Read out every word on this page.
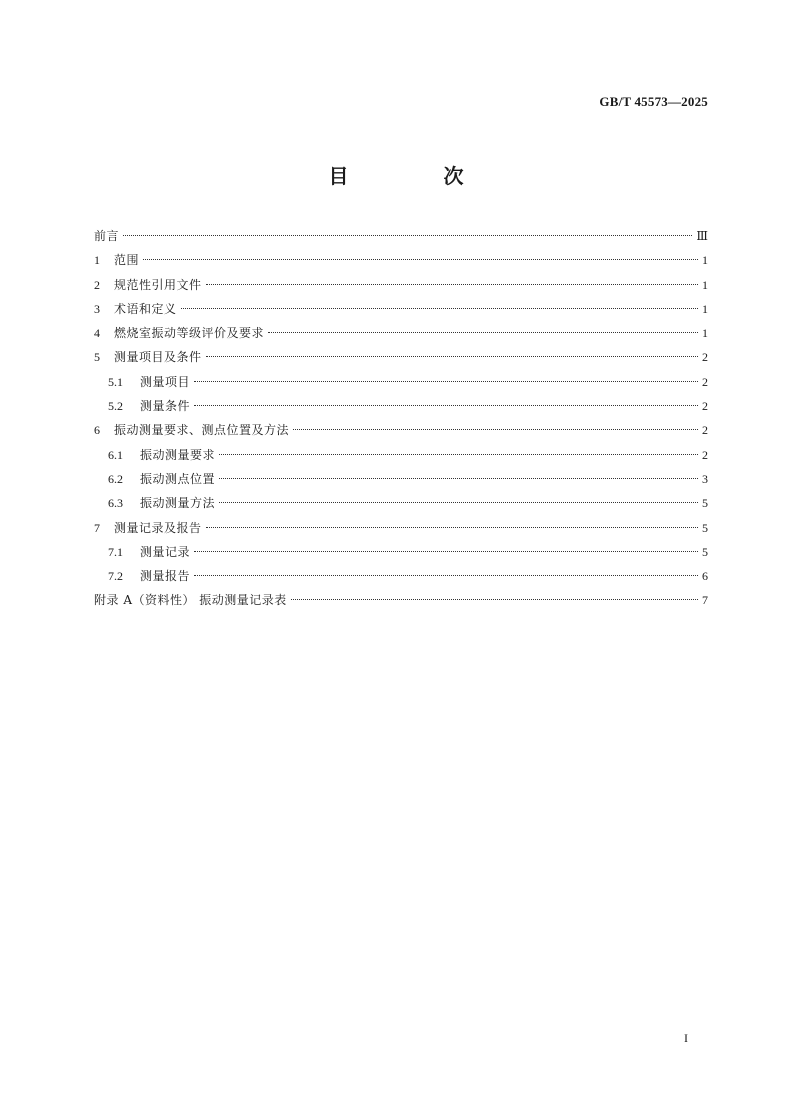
GB/T 45573—2025
目 次
前言	Ⅲ
1	范围	1
2	规范性引用文件	1
3	术语和定义	1
4	燃烧室振动等级评价及要求	1
5	测量项目及条件	2
5.1	测量项目	2
5.2	测量条件	2
6	振动测量要求、测点位置及方法	2
6.1	振动测量要求	2
6.2	振动测点位置	3
6.3	振动测量方法	5
7	测量记录及报告	5
7.1	测量记录	5
7.2	测量报告	6
附录 A（资料性） 振动测量记录表	7
I
